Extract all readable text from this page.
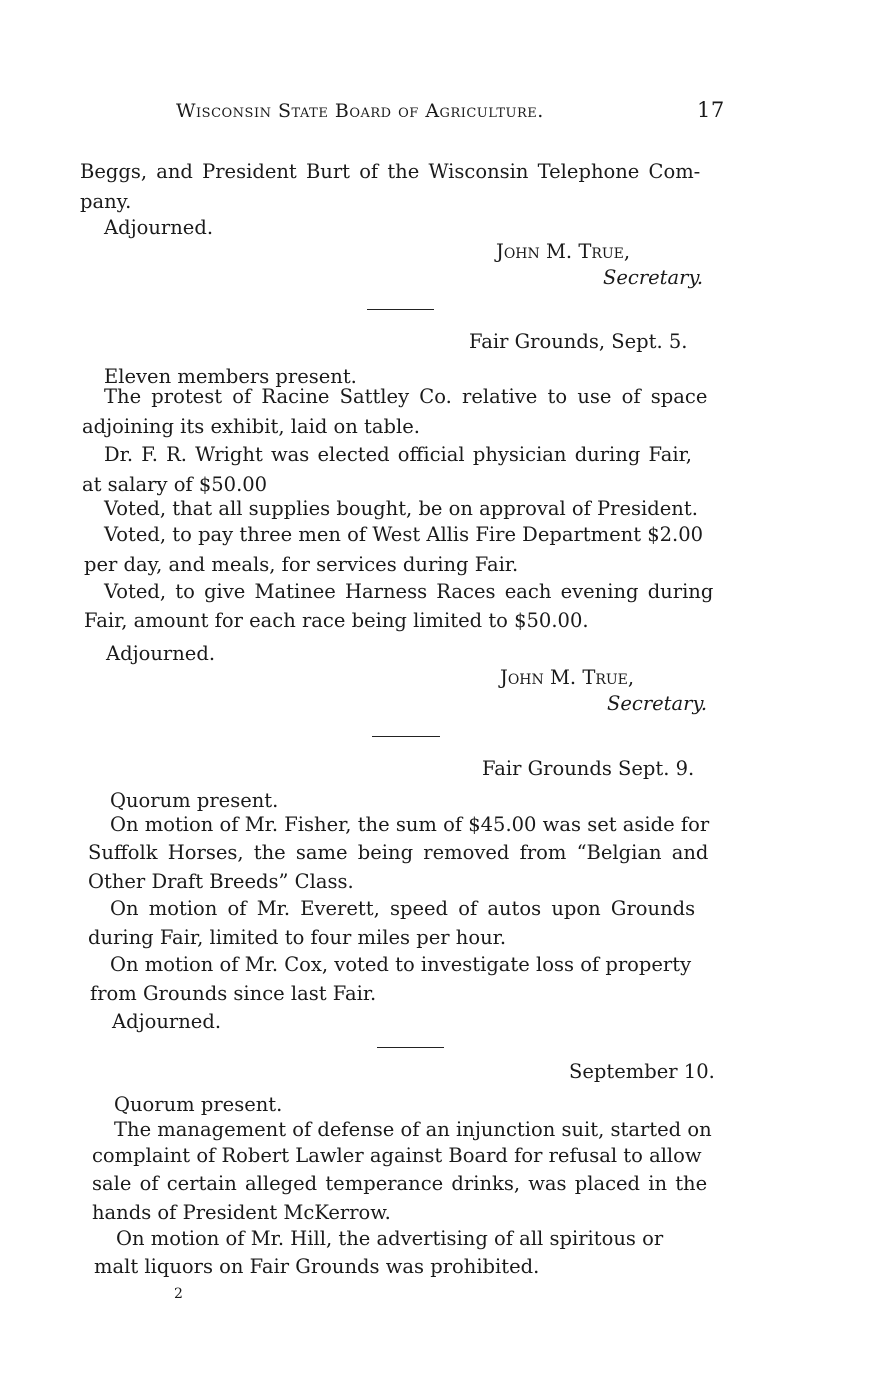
Wisconsin State Board of Agriculture.	17
Beggs, and President Burt of the Wisconsin Telephone Com-
pany.
Adjourned.
John M. True,
Secretary.
Fair Grounds, Sept. 5.
Eleven members present.
The protest of Racine Sattley Co. relative to use of space
adjoining its exhibit, laid on table.
Dr. F. R. Wright was elected official physician during Fair,
at salary of $50.00
Voted, that all supplies bought, be on approval of President.
Voted, to pay three men of West Allis Fire Department $2.00
per day, and meals, for services during Fair.
Voted, to give Matinee Harness Races each evening during
Fair, amount for each race being limited to $50.00.
Adjourned.
John M. True,
Secretary.
Fair Grounds Sept. 9.
Quorum present.
On motion of Mr. Fisher, the sum of $45.00 was set aside for
Suffolk Horses, the same being removed from “Belgian and
Other Draft Breeds” Class.
On motion of Mr. Everett, speed of autos upon Grounds
during Fair, limited to four miles per hour.
On motion of Mr. Cox, voted to investigate loss of property
from Grounds since last Fair.
Adjourned.
September 10.
Quorum present.
The management of defense of an injunction suit, started on
complaint of Robert Lawler against Board for refusal to allow
sale of certain alleged temperance drinks, was placed in the
hands of President McKerrow.
On motion of Mr. Hill, the advertising of all spiritous or
malt liquors on Fair Grounds was prohibited.
2
